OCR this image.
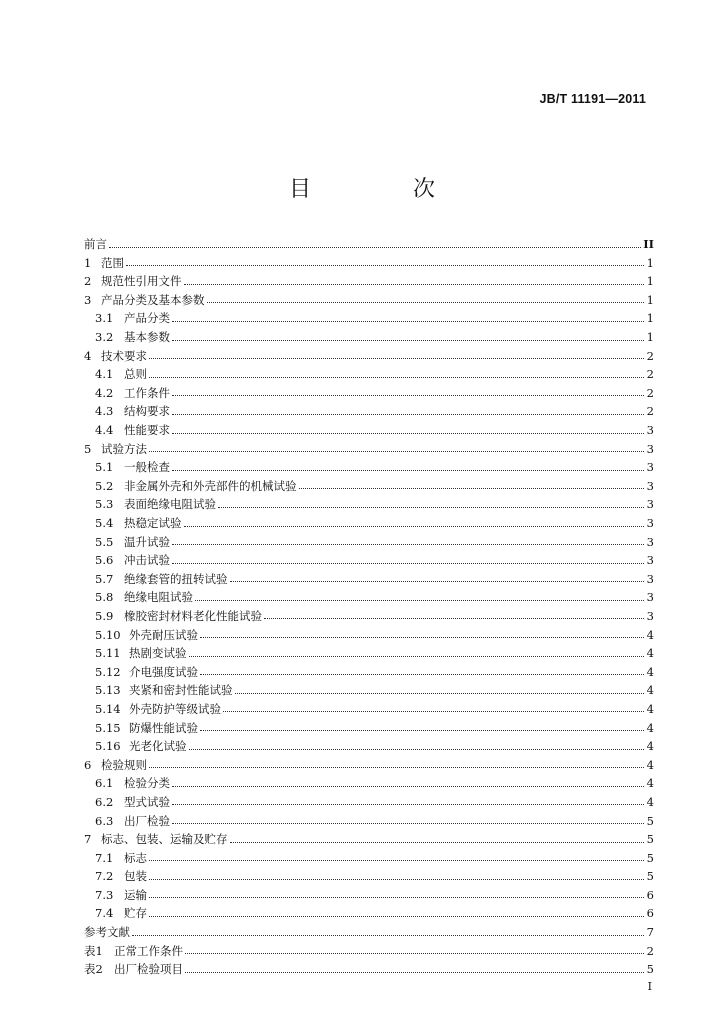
JB/T 11191—2011
目　次
前言	II
1 范围	1
2 规范性引用文件	1
3 产品分类及基本参数	1
3.1 产品分类	1
3.2 基本参数	1
4 技术要求	2
4.1 总则	2
4.2 工作条件	2
4.3 结构要求	2
4.4 性能要求	3
5 试验方法	3
5.1 一般检查	3
5.2 非金属外壳和外壳部件的机械试验	3
5.3 表面绝缘电阻试验	3
5.4 热稳定试验	3
5.5 温升试验	3
5.6 冲击试验	3
5.7 绝缘套管的扭转试验	3
5.8 绝缘电阻试验	3
5.9 橡胶密封材料老化性能试验	3
5.10 外壳耐压试验	4
5.11 热剧变试验	4
5.12 介电强度试验	4
5.13 夹紧和密封性能试验	4
5.14 外壳防护等级试验	4
5.15 防爆性能试验	4
5.16 光老化试验	4
6 检验规则	4
6.1 检验分类	4
6.2 型式试验	4
6.3 出厂检验	5
7 标志、包装、运输及贮存	5
7.1 标志	5
7.2 包装	5
7.3 运输	6
7.4 贮存	6
参考文献	7
表1 正常工作条件	2
表2 出厂检验项目	5
I
